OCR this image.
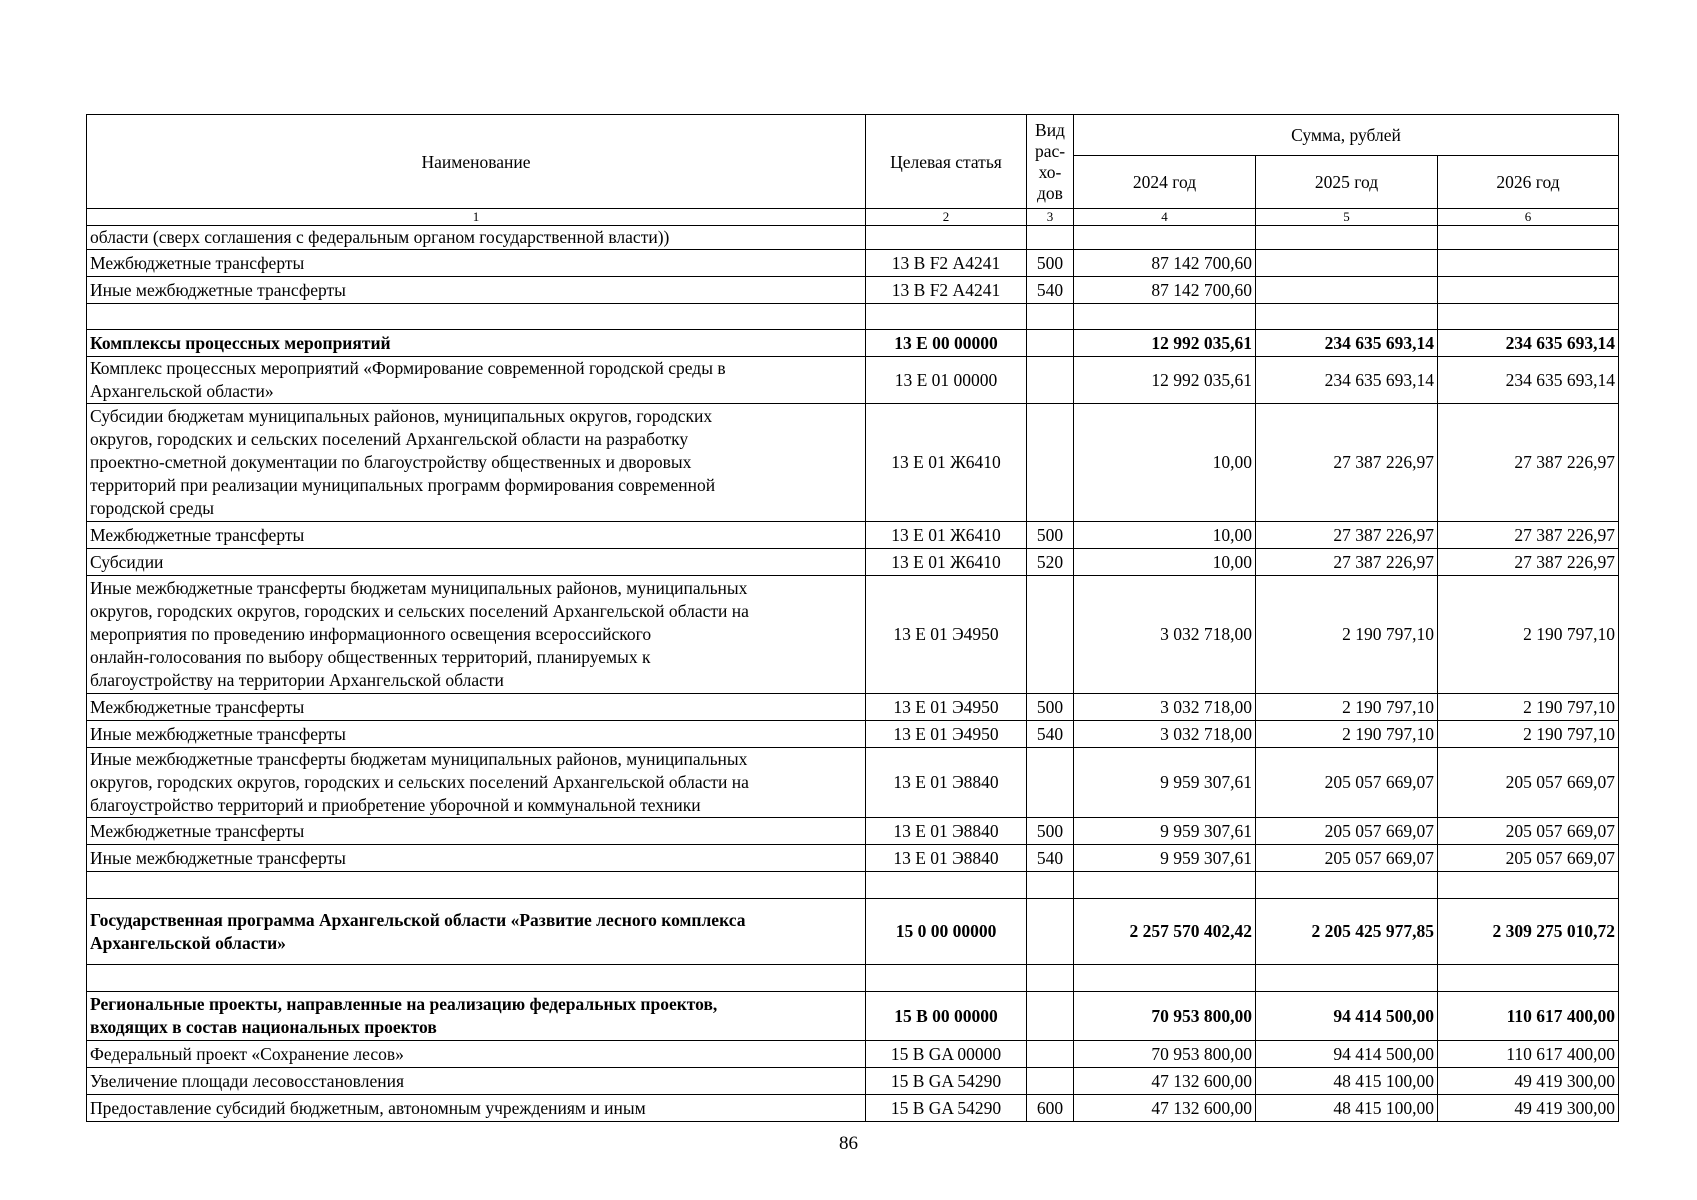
Наименование	Целевая статья	Вид
рас-
хо-
дов	Сумма, рублей		
			2024 год	2025 год	2026 год
1	2	3	4	5	6

области (сверх соглашения с федеральным органом государственной власти))					

Межбюджетные трансферты	13 В F2 А4241	500	87 142 700,60		

Иные межбюджетные трансферты	13 В F2 А4241	540	87 142 700,60		

Комплексы процессных мероприятий	13 Е 00 00000		12 992 035,61	234 635 693,14	234 635 693,14

Комплекс процессных мероприятий «Формирование современной городской среды в
Архангельской области»	13 Е 01 00000		12 992 035,61	234 635 693,14	234 635 693,14

Субсидии бюджетам муниципальных районов, муниципальных округов, городских
округов, городских и сельских поселений Архангельской области на разработку
проектно-сметной документации по благоустройству общественных и дворовых
территорий при реализации муниципальных программ формирования современной
городской среды	13 Е 01 Ж6410		10,00	27 387 226,97	27 387 226,97

Межбюджетные трансферты	13 Е 01 Ж6410	500	10,00	27 387 226,97	27 387 226,97

Субсидии	13 Е 01 Ж6410	520	10,00	27 387 226,97	27 387 226,97

Иные межбюджетные трансферты бюджетам муниципальных районов, муниципальных
округов, городских округов, городских и сельских поселений Архангельской области на
мероприятия по проведению информационного освещения всероссийского
онлайн-голосования по выбору общественных территорий, планируемых к
благоустройству на территории Архангельской области	13 Е 01 Э4950		3 032 718,00	2 190 797,10	2 190 797,10

Межбюджетные трансферты	13 Е 01 Э4950	500	3 032 718,00	2 190 797,10	2 190 797,10

Иные межбюджетные трансферты	13 Е 01 Э4950	540	3 032 718,00	2 190 797,10	2 190 797,10

Иные межбюджетные трансферты бюджетам муниципальных районов, муниципальных
округов, городских округов, городских и сельских поселений Архангельской области на
благоустройство территорий и приобретение уборочной и коммунальной техники	13 Е 01 Э8840		9 959 307,61	205 057 669,07	205 057 669,07

Межбюджетные трансферты	13 Е 01 Э8840	500	9 959 307,61	205 057 669,07	205 057 669,07

Иные межбюджетные трансферты	13 Е 01 Э8840	540	9 959 307,61	205 057 669,07	205 057 669,07

Государственная программа Архангельской области «Развитие лесного комплекса
Архангельской области»	15 0 00 00000		2 257 570 402,42	2 205 425 977,85	2 309 275 010,72

Региональные проекты, направленные на реализацию федеральных проектов,
входящих в состав национальных проектов	15 В 00 00000		70 953 800,00	94 414 500,00	110 617 400,00

Федеральный проект «Сохранение лесов»	15 В GA 00000		70 953 800,00	94 414 500,00	110 617 400,00

Увеличение площади лесовосстановления	15 В GA 54290		47 132 600,00	48 415 100,00	49 419 300,00

Предоставление субсидий бюджетным, автономным учреждениям и иным	15 В GA 54290	600	47 132 600,00	48 415 100,00	49 419 300,00
86
